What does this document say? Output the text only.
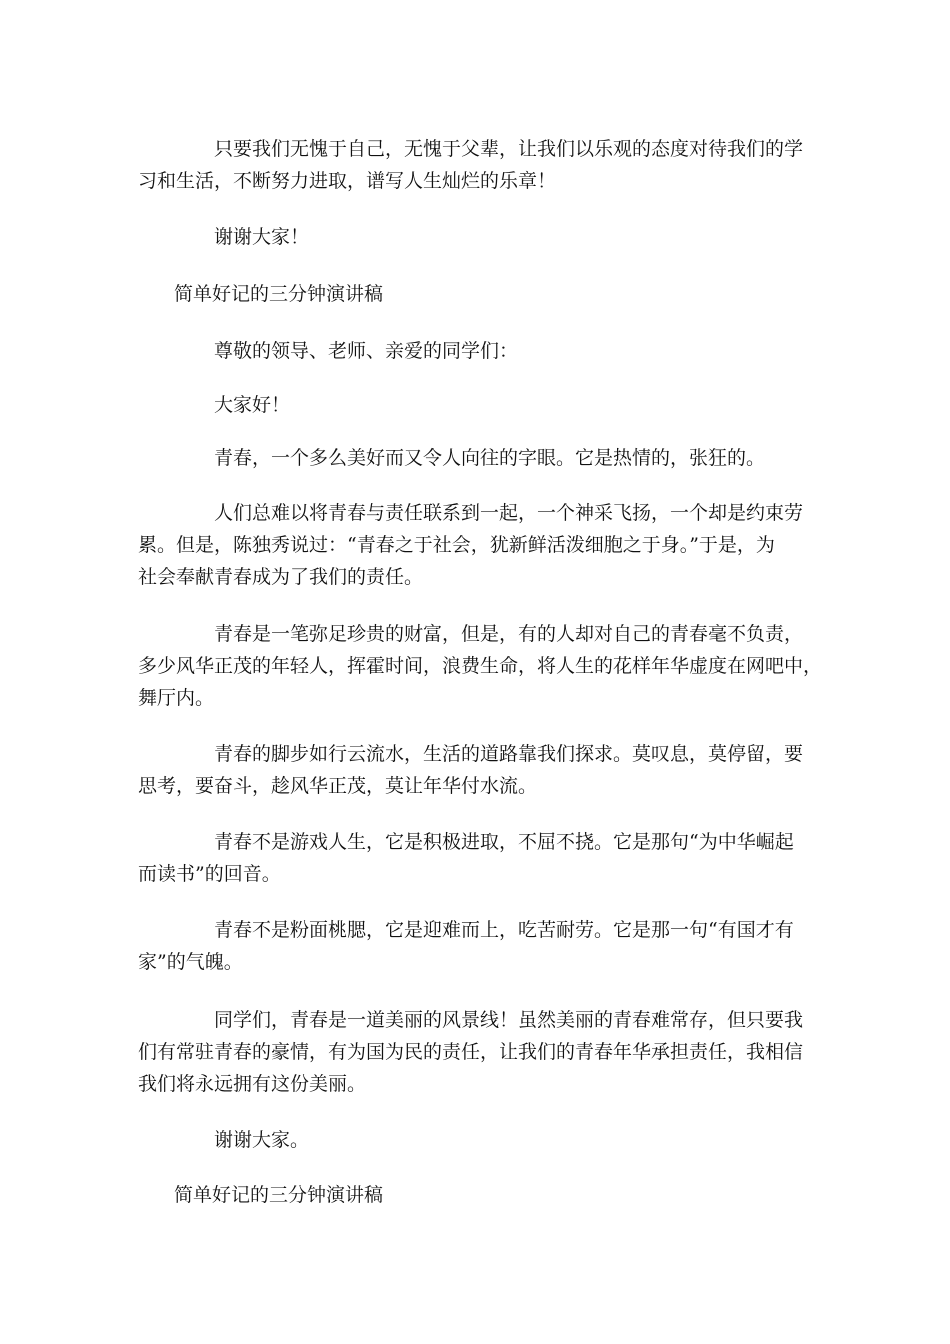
只要我们无愧于自己，无愧于父辈，让我们以乐观的态度对待我们的学
习和生活，不断努力进取，谱写人生灿烂的乐章！

谢谢大家！

简单好记的三分钟演讲稿

尊敬的领导、老师、亲爱的同学们：

大家好！

青春，一个多么美好而又令人向往的字眼。它是热情的，张狂的。

人们总难以将青春与责任联系到一起，一个神采飞扬，一个却是约束劳
累。但是，陈独秀说过：“青春之于社会，犹新鲜活泼细胞之于身。”于是，为
社会奉献青春成为了我们的责任。

青春是一笔弥足珍贵的财富，但是，有的人却对自己的青春毫不负责，
多少风华正茂的年轻人，挥霍时间，浪费生命，将人生的花样年华虚度在网吧中，
舞厅内。

青春的脚步如行云流水，生活的道路靠我们探求。莫叹息，莫停留，要
思考，要奋斗，趁风华正茂，莫让年华付水流。

青春不是游戏人生，它是积极进取，不屈不挠。它是那句“为中华崛起
而读书”的回音。

青春不是粉面桃腮，它是迎难而上，吃苦耐劳。它是那一句“有国才有
家”的气魄。

同学们，青春是一道美丽的风景线！虽然美丽的青春难常存，但只要我
们有常驻青春的豪情，有为国为民的责任，让我们的青春年华承担责任，我相信
我们将永远拥有这份美丽。

谢谢大家。

简单好记的三分钟演讲稿
